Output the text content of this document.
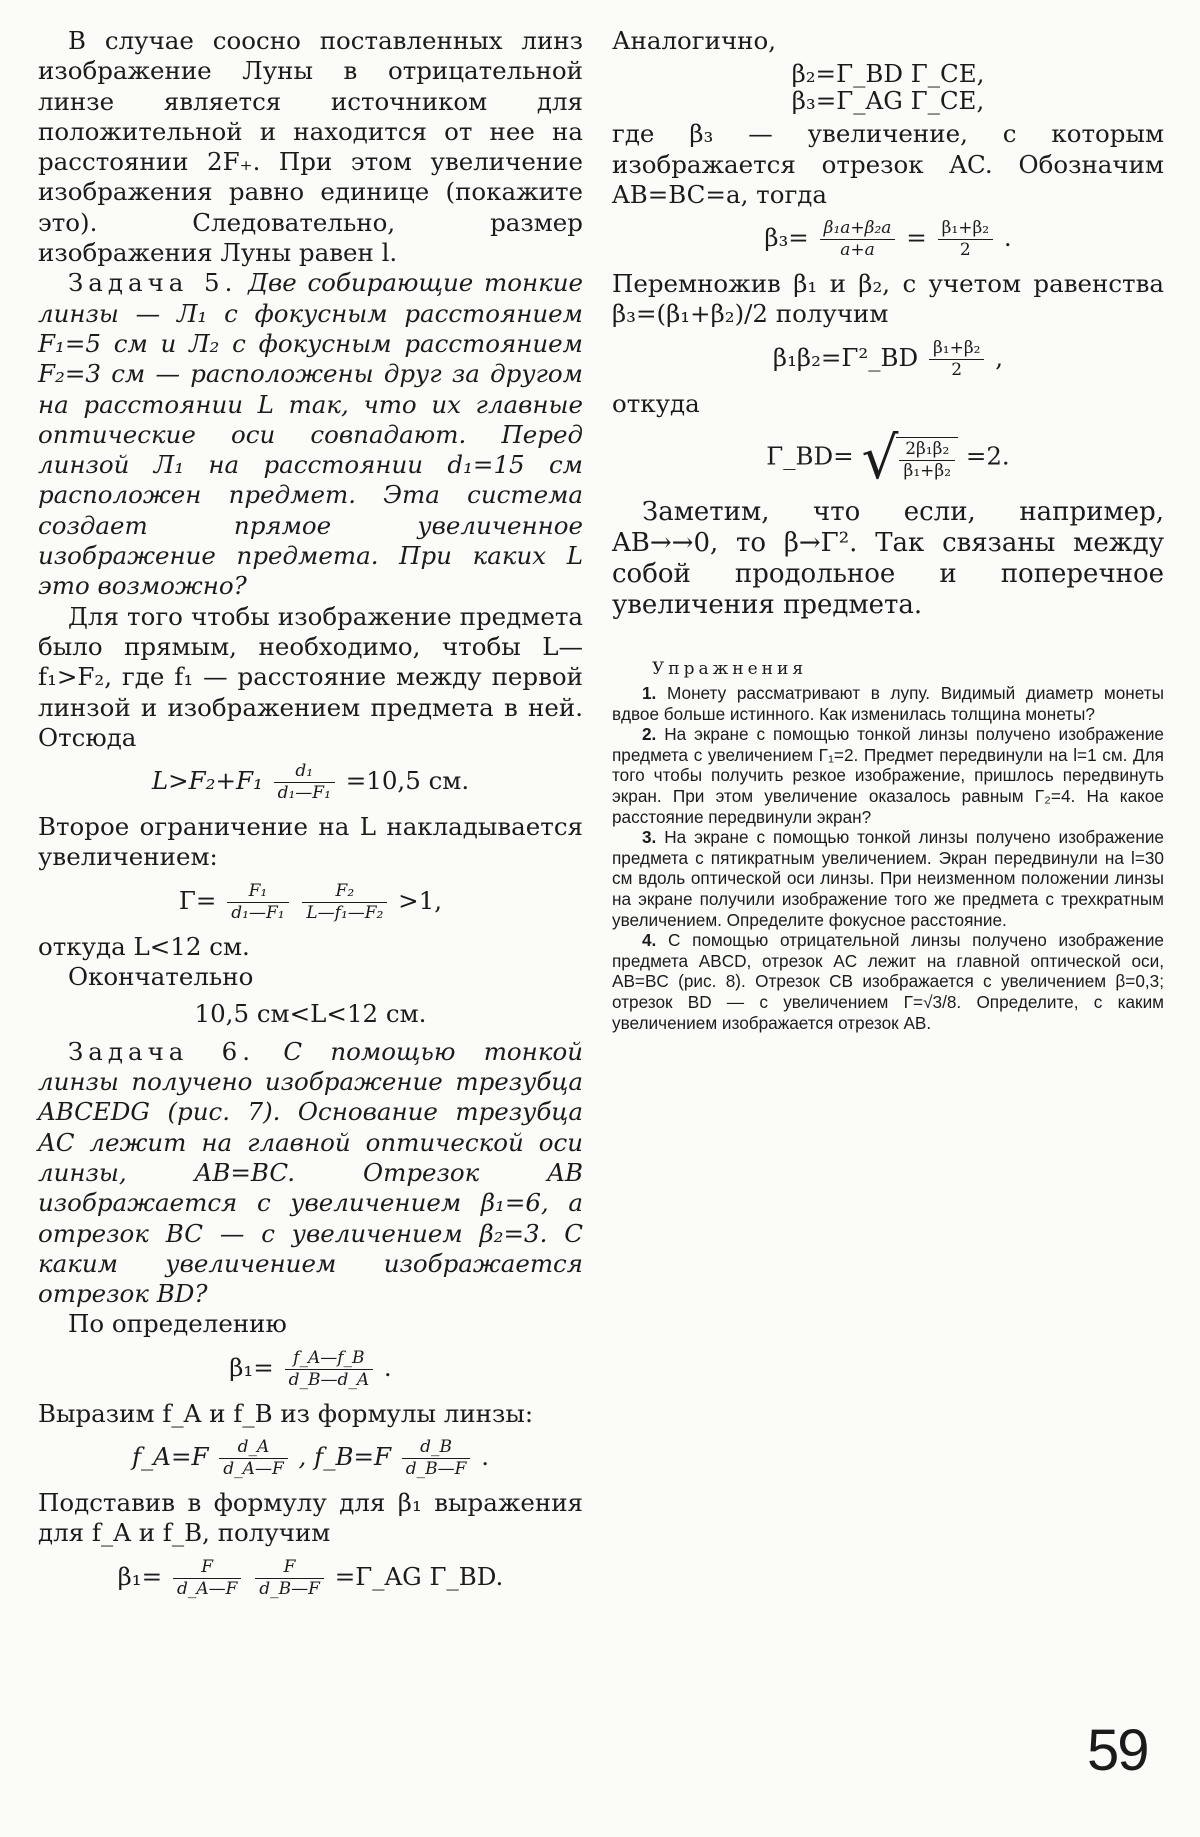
В случае соосно поставленных линз изображение Луны в отрицательной линзе является источником для положительной и находится от нее на расстоянии 2F₊. При этом увеличение изображения равно единице (покажите это). Следовательно, размер изображения Луны равен l.

Задача 5. Две собирающие тонкие линзы — Л₁ с фокусным расстоянием F₁=5 см и Л₂ с фокусным расстоянием F₂=3 см — расположены друг за другом на расстоянии L так, что их главные оптические оси совпадают. Перед линзой Л₁ на расстоянии d₁=15 см расположен предмет. Эта система создает прямое увеличенное изображение предмета. При каких L это возможно?

Для того чтобы изображение предмета было прямым, необходимо, чтобы L—f₁>F₂, где f₁ — расстояние между первой линзой и изображением предмета в ней. Отсюда

$L>F_2+F_1 \frac{\text{d₁}}{\text{d₁—F₁}} =10,5$ см.

Второе ограничение на L накладывается увеличением:

$\Gamma= \frac{\text{F₁}}{\text{d₁—F₁}}$
$\frac{\text{F₂}}{\text{L—f₁—F₂}} >1$,

откуда L<12 см.

Окончательно

10,5 см<L<12 см.

Задача 6. С помощью тонкой линзы получено изображение трезубца ABCEDG (рис. 7). Основание трезубца AC лежит на главной оптической оси линзы, AB=BC. Отрезок AB изображается с увеличением β₁=6, а отрезок BC — с увеличением β₂=3. С каким увеличением изображается отрезок BD?

По определению

$\beta_1= \frac{f\_A—f\_B}{d\_B—d\_A}$ .

Выразим f_A и f_B из формулы линзы:

f_A=F $\frac{d\_A}{d\_A—F}$ , f_B=F $\frac{d\_B}{d\_B—F}$ .

Подставив в формулу для β₁ выражения для f_A и f_B, получим

$\beta_1= \frac{F}{d\_A—F}$
$\frac{F}{d\_B—F}$ =Γ_AG Γ_BD.

Аналогично,

β₂=Γ_BD Γ_CE,
β₃=Γ_AG Γ_CE,

где β₃ — увеличение, с которым изображается отрезок AC. Обозначим AB=BC=a, тогда

$\beta_3= \frac{\text{β₁a+β₂a}}{a+a} = \frac{\text{β₁+β₂}}{2}$ .

Перемножив β₁ и β₂, с учетом равенства β₃=(β₁+β₂)/2 получим

β₁β₂=Γ²_BD $\frac{\text{β₁+β₂}}{2}$ ,

откуда

Γ_BD= √ $\frac{\text{2β₁β₂}}{\text{β₁+β₂}} =2$.

Заметим, что если, например, AB→→0, то β→Γ². Так связаны между собой продольное и поперечное увеличения предмета.

Упражнения

1. Монету рассматривают в лупу. Видимый диаметр монеты вдвое больше истинного. Как изменилась толщина монеты?

2. На экране с помощью тонкой линзы получено изображение предмета с увеличением Γ₁=2. Предмет передвинули на l=1 см. Для того чтобы получить резкое изображение, пришлось передвинуть экран. При этом увеличение оказалось равным Γ₂=4. На какое расстояние передвинули экран?

3. На экране с помощью тонкой линзы получено изображение предмета с пятикратным увеличением. Экран передвинули на l=30 см вдоль оптической оси линзы. При неизменном положении линзы на экране получили изображение того же предмета с трехкратным увеличением. Определите фокусное расстояние.

4. С помощью отрицательной линзы получено изображение предмета ABCD, отрезок AC лежит на главной оптической оси, AB=BC (рис. 8). Отрезок CB изображается с увеличением β=0,3; отрезок BD — с увеличением Γ=√3/8. Определите, с каким увеличением изображается отрезок AB.

59
